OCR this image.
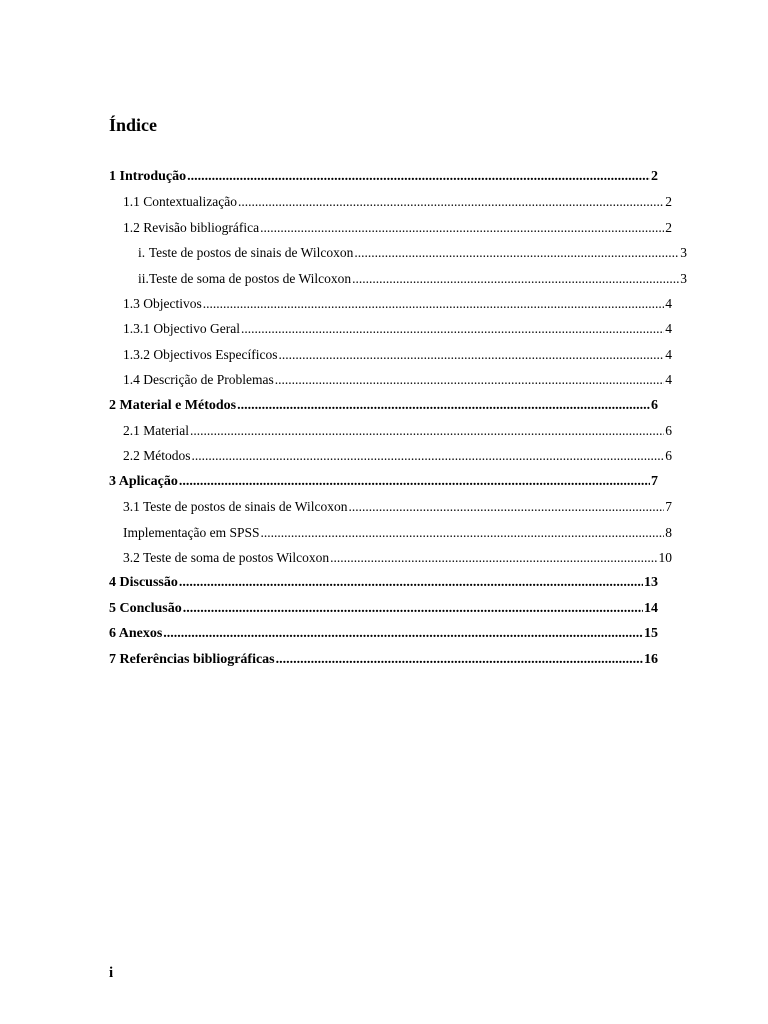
Índice
1 Introdução .....	2
1.1 Contextualização .....	2
1.2 Revisão bibliográfica .....	2
i. Teste de postos de sinais de Wilcoxon .....	3
ii. Teste de soma de postos de Wilcoxon .....	3
1.3 Objectivos .....	4
1.3.1 Objectivo Geral .....	4
1.3.2 Objectivos Específicos .....	4
1.4 Descrição de Problemas .....	4
2 Material e Métodos .....	6
2.1 Material .....	6
2.2 Métodos .....	6
3 Aplicação .....	7
3.1 Teste de postos de sinais de Wilcoxon .....	7
Implementação em SPSS .....	8
3.2 Teste de soma de postos Wilcoxon .....	10
4 Discussão .....	13
5 Conclusão .....	14
6 Anexos .....	15
7 Referências bibliográficas .....	16
i
